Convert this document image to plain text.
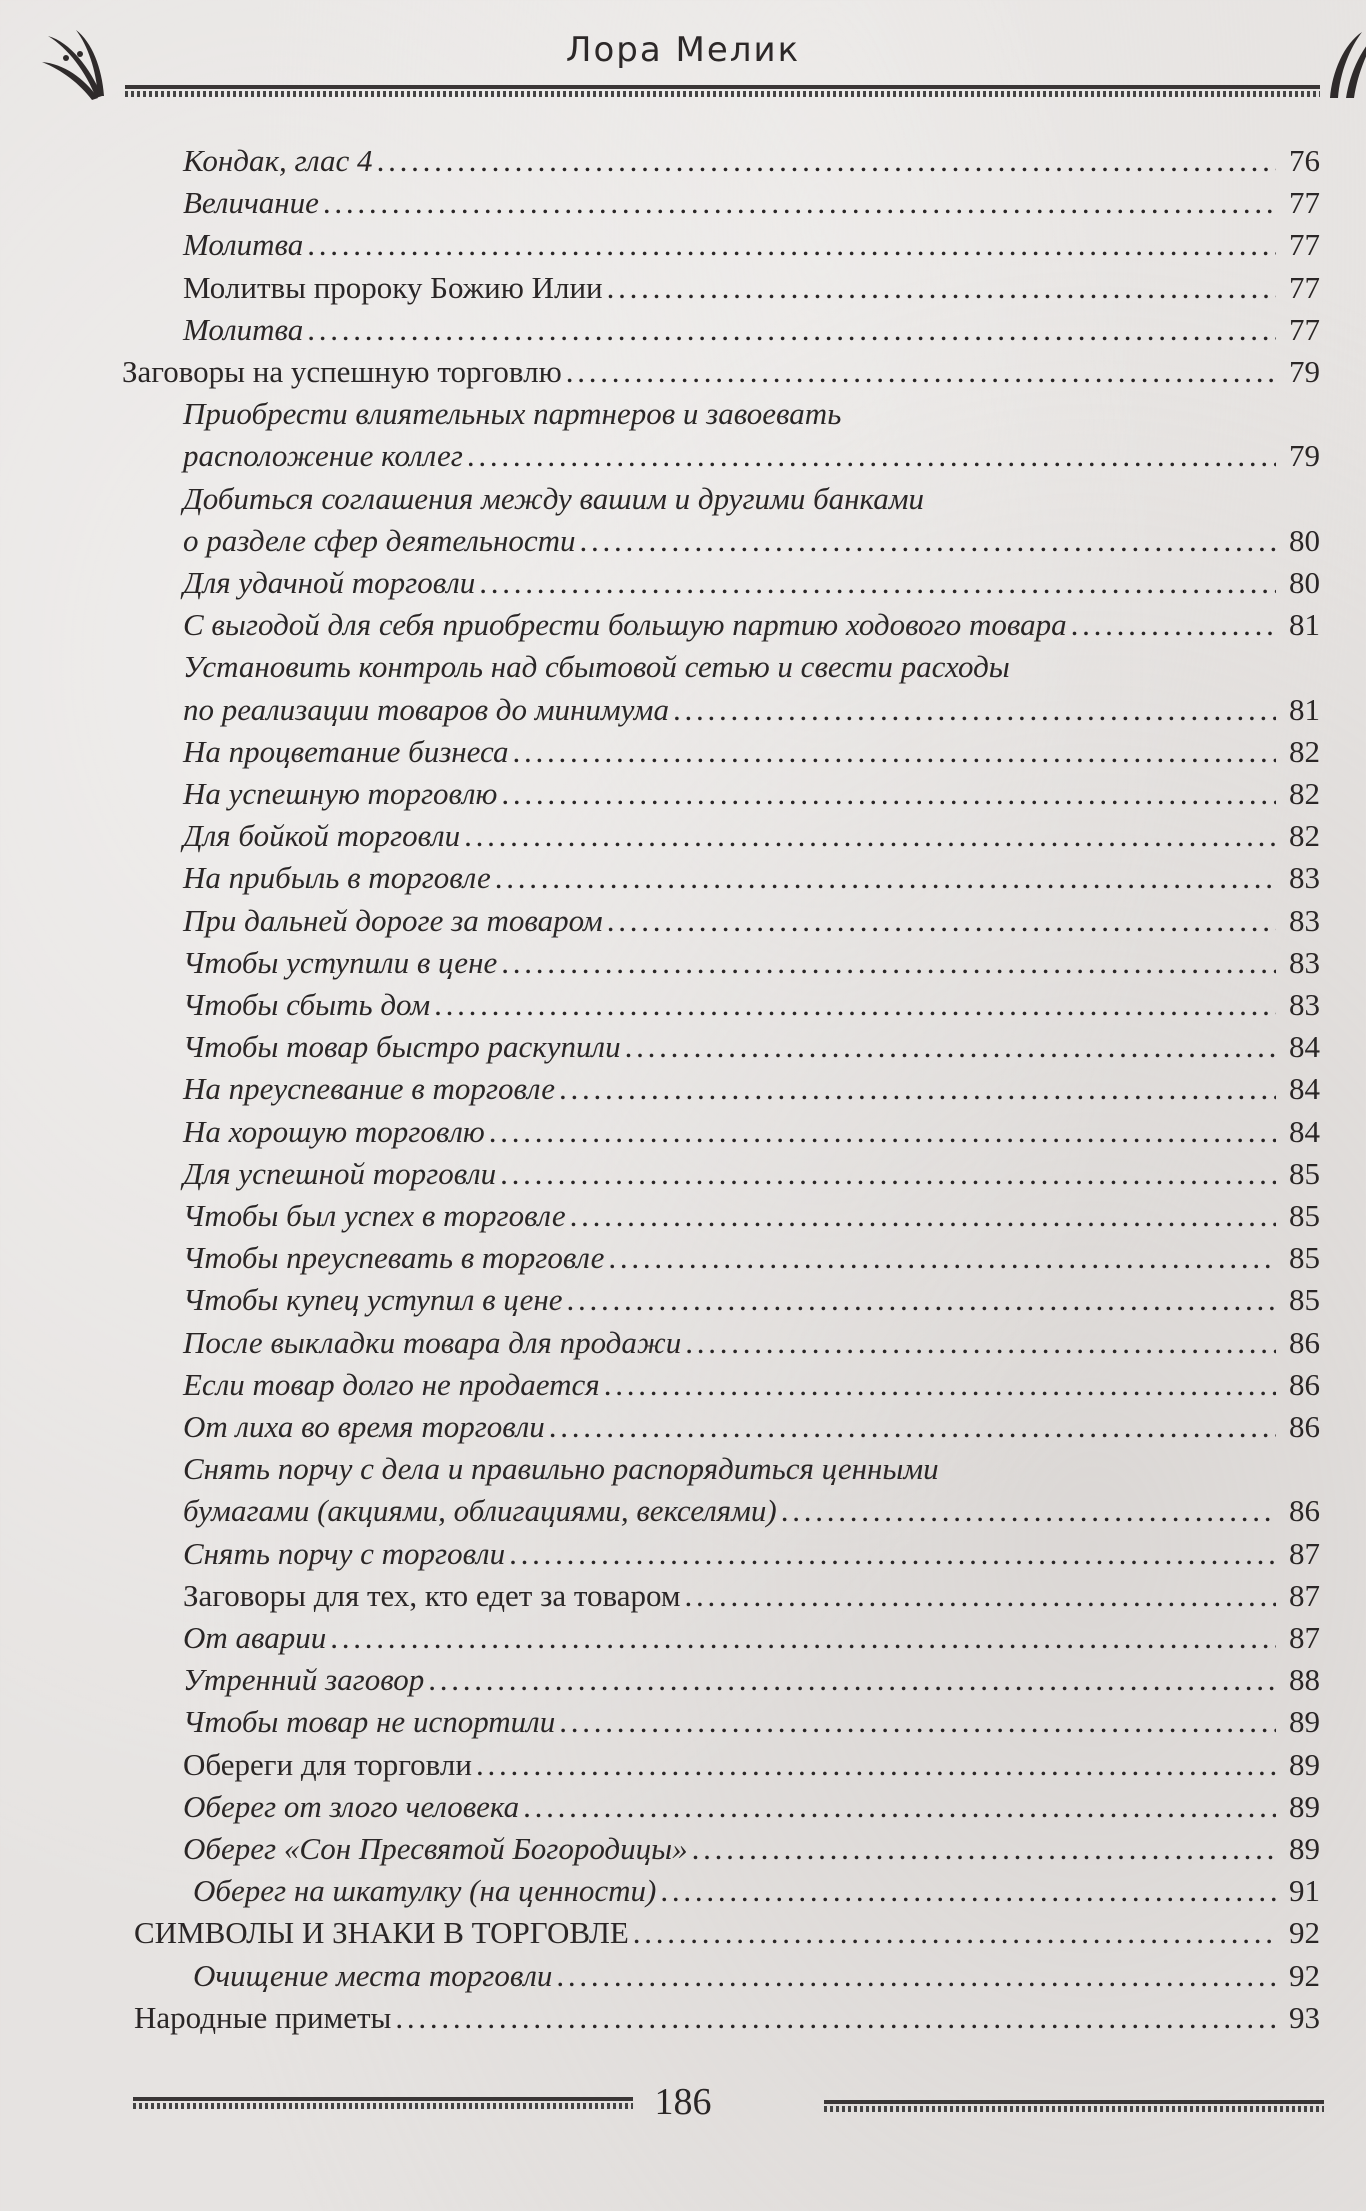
Лора Мелик
Кондак, глас 4 . . .	76
Величание . . .	77
Молитва . . .	77
Молитвы пророку Божию Илии . . .	77
Молитва . . .	77
Заговоры на успешную торговлю . . .	79
Приобрести влиятельных партнеров и завоевать
расположение коллег . . .	79
Добиться соглашения между вашим и другими банками
о разделе сфер деятельности . . .	80
Для удачной торговли . . .	80
С выгодой для себя приобрести большую партию ходового товара . . .	81
Установить контроль над сбытовой сетью и свести расходы
по реализации товаров до минимума . . .	81
На процветание бизнеса . . .	82
На успешную торговлю . . .	82
Для бойкой торговли . . .	82
На прибыль в торговле . . .	83
При дальней дороге за товаром . . .	83
Чтобы уступили в цене . . .	83
Чтобы сбыть дом . . .	83
Чтобы товар быстро раскупили . . .	84
На преуспевание в торговле . . .	84
На хорошую торговлю . . .	84
Для успешной торговли . . .	85
Чтобы был успех в торговле . . .	85
Чтобы преуспевать в торговле . . .	85
Чтобы купец уступил в цене . . .	85
После выкладки товара для продажи . . .	86
Если товар долго не продается . . .	86
От лиха во время торговли . . .	86
Снять порчу с дела и правильно распорядиться ценными
бумагами (акциями, облигациями, векселями) . . .	86
Снять порчу с торговли . . .	87
Заговоры для тех, кто едет за товаром . . .	87
От аварии . . .	87
Утренний заговор . . .	88
Чтобы товар не испортили . . .	89
Обереги для торговли . . .	89
Оберег от злого человека . . .	89
Оберег «Сон Пресвятой Богородицы» . . .	89
Оберег на шкатулку (на ценности) . . .	91
СИМВОЛЫ И ЗНАКИ В ТОРГОВЛЕ . . .	92
Очищение места торговли . . .	92
Народные приметы . . .	93
186
